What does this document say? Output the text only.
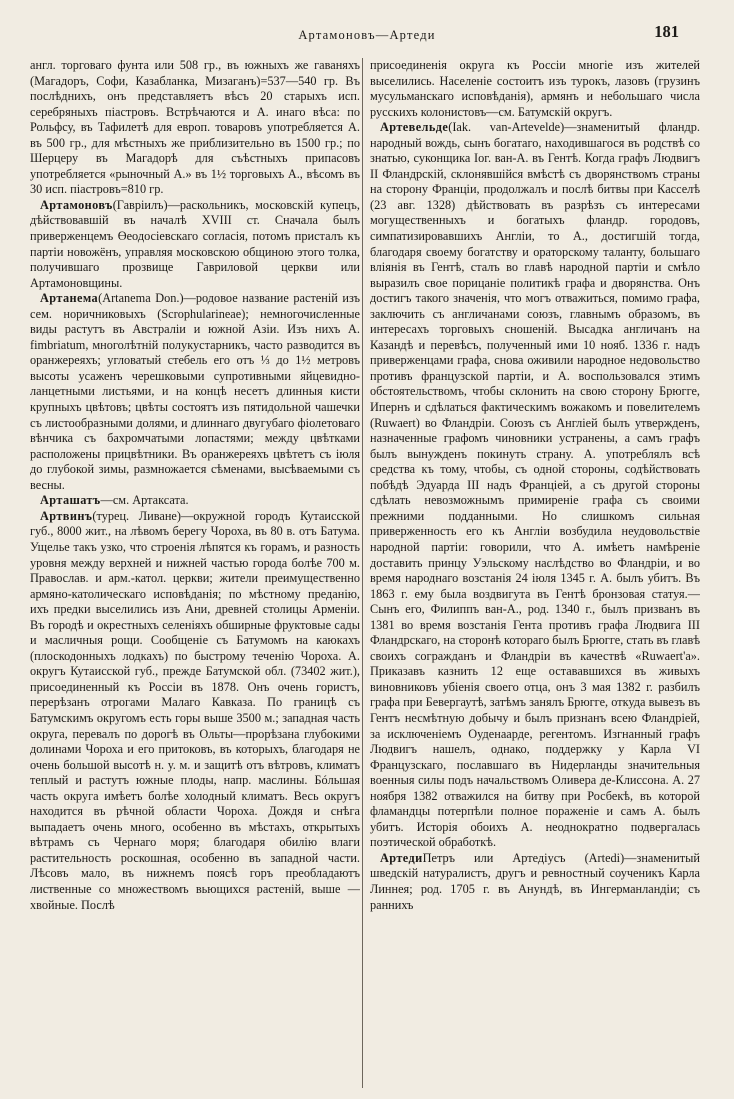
Артамоновъ—Артеди	181

англ. торговаго фунта или 508 гр., въ южныхъ же гаваняхъ (Магадоръ, Софи, Казабланка, Мизаганъ)=537—540 гр. Въ послѣднихъ, онъ представляетъ вѣсъ 20 старыхъ исп. серебряныхъ піастровъ. Встрѣчаются и А. инаго вѣса: по Рольфсу, въ Тафилетѣ для европ. товаровъ употребляется А. въ 500 гр., для мѣстныхъ же приблизительно въ 1500 гр.; по Шерцеру въ Магадорѣ для съѣстныхъ припасовъ употребляется «рыночный А.» въ 1½ торговыхъ А., вѣсомъ въ 30 исп. піастровъ=810 гр.

Артамоновъ(Гаврiилъ)—раскольникъ, московскій купецъ, дѣйствовавшій въ началѣ XVIII ст. Сначала былъ приверженцемъ Өеодосіевскаго согласія, потомъ присталъ къ партіи новожёнъ, управляя московскою общиною этого толка, получившаго прозвище Гавриловой церкви или Артамоновщины.

Артанема(Artanema Don.)—родовое название растеній изъ сем. норичниковыхъ (Scrophularineae); немногочисленные виды растутъ въ Австраліи и южной Азіи. Изъ нихъ А. fimbriatum, многолѣтній полукустарникъ, часто разводится въ оранжереяхъ; угловатый стебель его отъ ⅓ до 1½ метровъ высоты усаженъ черешковыми супротивными яйцевидно-ланцетными листьями, и на концѣ несетъ длинныя кисти крупныхъ цвѣтовъ; цвѣты состоятъ изъ пятидольной чашечки съ листообразными долями, и длиннаго двугубаго фіолетоваго вѣнчика съ бахромчатыми лопастями; между цвѣтками расположены прицвѣтники. Въ оранжереяхъ цвѣтетъ съ іюля до глубокой зимы, размножается сѣменами, высѣваемыми съ весны.

Арташатъ—см. Артаксата.

Артвинъ(турец. Ливане)—окружной городъ Кутаисской губ., 8000 жит., на лѣвомъ берегу Чороха, въ 80 в. отъ Батума. Ущелье такъ узко, что строенія лѣпятся къ горамъ, и разность уровня между верхней и нижней частью города болѣе 700 м. Православ. и арм.-катол. церкви; жители преимущественно армяно-католическаго исповѣданія; по мѣстному преданію, ихъ предки выселились изъ Ани, древней столицы Арменіи. Въ городѣ и окрестныхъ селеніяхъ обширные фруктовые сады и масличныя рощи. Сообщеніе съ Батумомъ на каюкахъ (плоскодонныхъ лодкахъ) по быстрому теченію Чороха. А. округъ Кутаисской губ., прежде Батумской обл. (73402 жит.), присоединенный къ Россіи въ 1878. Онъ очень гористъ, перерѣзанъ отрогами Малаго Кавказа. По границѣ съ Батумскимъ округомъ есть горы выше 3500 м.; западная часть округа, перевалъ по дорогѣ въ Ольты—прорѣзана глубокими долинами Чороха и его притоковъ, въ которыхъ, благодаря не очень большой высотѣ н. у. м. и защитѣ отъ вѣтровъ, климатъ теплый и растутъ южные плоды, напр. маслины. Бóльшая часть округа имѣетъ болѣе холодный климатъ. Весь округъ находится въ рѣчной области Чороха. Дождя и снѣга выпадаетъ очень много, особенно въ мѣстахъ, открытыхъ вѣтрамъ съ Чернаго моря; благодаря обилію влаги растительность роскошная, особенно въ западной части. Лѣсовъ мало, въ нижнемъ поясѣ горъ преобладаютъ лиственные со множествомъ вьющихся растеній, выше — хвойные. Послѣ

присоединенія округа къ Россіи многіе изъ жителей выселились. Населеніе состоитъ изъ турокъ, лазовъ (грузинъ мусульманскаго исповѣданія), армянъ и небольшаго числа русскихъ колонистовъ—см. Батумскій округъ.

Артевельде(Iak. van-Artevelde)—знаменитый фландр. народный вождь, сынъ богатаго, находившагося въ родствѣ со знатью, суконщика Іог. ван-А. въ Гентѣ. Когда графъ Людвигъ II Фландрскій, склонявшійся вмѣстѣ съ дворянствомъ страны на сторону Франціи, продолжалъ и послѣ битвы при Касселѣ (23 авг. 1328) дѣйствовать въ разрѣзъ съ интересами могущественныхъ и богатыхъ фландр. городовъ, симпатизировавшихъ Англіи, то А., достигшій тогда, благодаря своему богатству и ораторскому таланту, большаго вліянія въ Гентѣ, сталъ во главѣ народной партіи и смѣло выразилъ свое порицаніе политикѣ графа и дворянства. Онъ достигъ такого значенія, что могъ отважиться, помимо графа, заключить съ англичанами союзъ, главнымъ образомъ, въ интересахъ торговыхъ сношеній. Высадка англичанъ на Казандѣ и перевѣсъ, полученный ими 10 нояб. 1336 г. надъ приверженцами графа, снова оживили народное недовольство противъ французской партіи, и А. воспользовался этимъ обстоятельствомъ, чтобы склонить на свою сторону Брюгге, Ипернъ и сдѣлаться фактическимъ вожакомъ и повелителемъ (Ruwaert) во Фландріи. Союзъ съ Англіей былъ утвержденъ, назначенные графомъ чиновники устранены, а самъ графъ былъ вынужденъ покинуть страну. А. употреблялъ всѣ средства къ тому, чтобы, съ одной стороны, содѣйствовать побѣдѣ Эдуарда III надъ Франціей, а съ другой стороны сдѣлать невозможнымъ примиреніе графа съ своими прежними подданными. Но слишкомъ сильная приверженность его къ Англіи возбудила неудовольствіе народной партіи: говорили, что А. имѣетъ намѣреніе доставить принцу Уэльскому наслѣдство во Фландріи, и во время народнаго возстанія 24 іюля 1345 г. А. былъ убитъ. Въ 1863 г. ему была воздвигута въ Гентѣ бронзовая статуя.—Сынъ его, Филиппъ ван-А., род. 1340 г., былъ призванъ въ 1381 во время возстанія Гента противъ графа Людвига III Фландрскаго, на сторонѣ котораго былъ Брюгге, стать въ главѣ своихъ согражданъ и Фландріи въ качествѣ «Ruwaert'а». Приказавъ казнить 12 еще остававшихся въ живыхъ виновниковъ убіенія своего отца, онъ 3 мая 1382 г. разбилъ графа при Бевергаутѣ, затѣмъ занялъ Брюгге, откуда вывезъ въ Гентъ несмѣтную добычу и былъ признанъ всею Фландріей, за исключеніемъ Оуденаарде, регентомъ. Изгнанный графъ Людвигъ нашелъ, однако, поддержку у Карла VI Французскаго, пославшаго въ Нидерланды значительныя военныя силы подъ начальствомъ Оливера де-Клиссона. А. 27 ноября 1382 отважился на битву при Росбекѣ, въ которой фламандцы потерпѣли полное пораженіе и самъ А. былъ убитъ. Исторія обоихъ А. неоднократно подвергалась поэтической обработкѣ.

АртедиПетръ или Артедіусъ (Artedi)—знаменитый шведскій натуралистъ, другъ и ревностный соученикъ Карла Линнея; род. 1705 г. въ Анундѣ, въ Ингерманландіи; съ раннихъ
